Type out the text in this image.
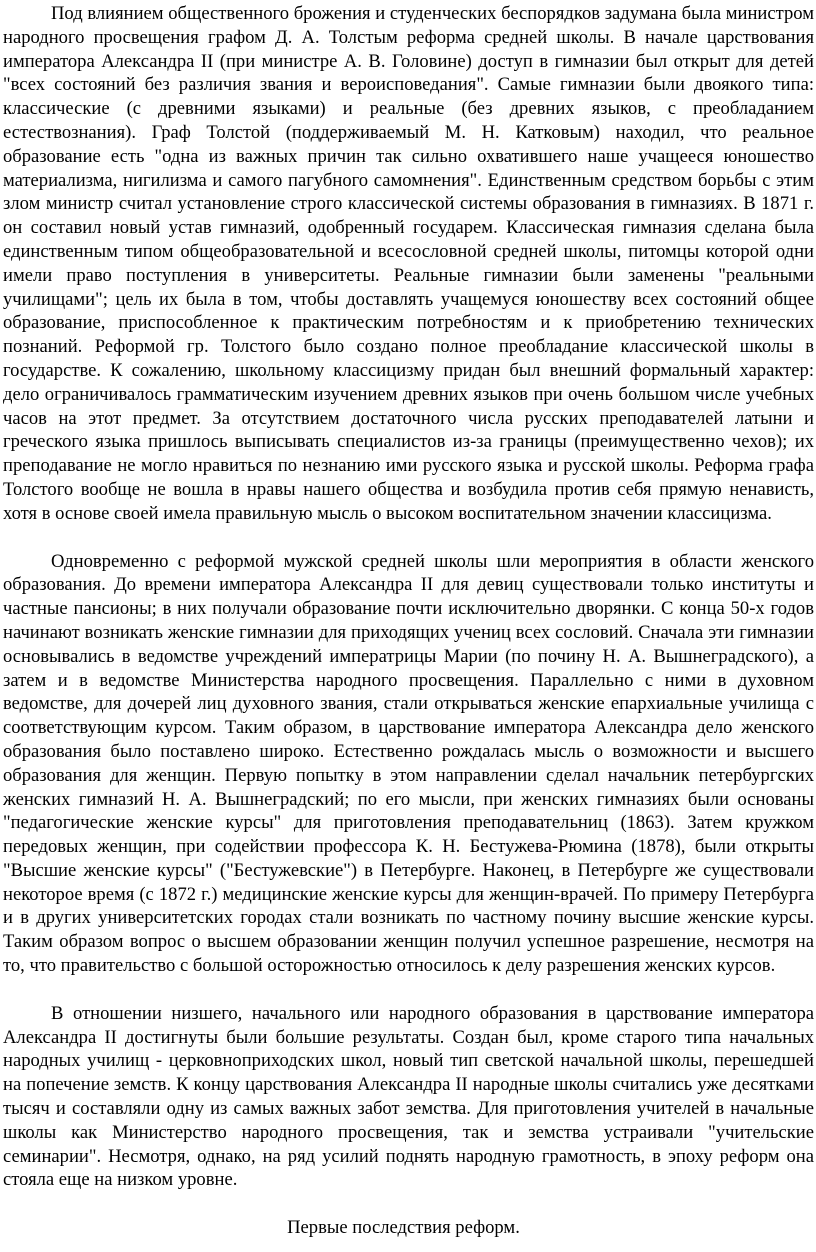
Под влиянием общественного брожения и студенческих беспорядков задумана была министром народного просвещения графом Д. А. Толстым реформа средней школы. В начале царствования императора Александра II (при министре А. В. Головине) доступ в гимназии был открыт для детей "всех состояний без различия звания и вероисповедания". Самые гимназии были двоякого типа: классические (с древними языками) и реальные (без древних языков, с преобладанием естествознания). Граф Толстой (поддерживаемый М. Н. Катковым) находил, что реальное образование есть "одна из важных причин так сильно охватившего наше учащееся юношество материализма, нигилизма и самого пагубного самомнения". Единственным средством борьбы с этим злом министр считал установление строго классической системы образования в гимназиях. В 1871 г. он составил новый устав гимназий, одобренный государем. Классическая гимназия сделана была единственным типом общеобразовательной и всесословной средней школы, питомцы которой одни имели право поступления в университеты. Реальные гимназии были заменены "реальными училищами"; цель их была в том, чтобы доставлять учащемуся юношеству всех состояний общее образование, приспособленное к практическим потребностям и к приобретению технических познаний. Реформой гр. Толстого было создано полное преобладание классической школы в государстве. К сожалению, школьному классицизму придан был внешний формальный характер: дело ограничивалось грамматическим изучением древних языков при очень большом числе учебных часов на этот предмет. За отсутствием достаточного числа русских преподавателей латыни и греческого языка пришлось выписывать специалистов из-за границы (преимущественно чехов); их преподавание не могло нравиться по незнанию ими русского языка и русской школы. Реформа графа Толстого вообще не вошла в нравы нашего общества и возбудила против себя прямую ненависть, хотя в основе своей имела правильную мысль о высоком воспитательном значении классицизма.

Одновременно с реформой мужской средней школы шли мероприятия в области женского образования. До времени императора Александра II для девиц существовали только институты и частные пансионы; в них получали образование почти исключительно дворянки. С конца 50-х годов начинают возникать женские гимназии для приходящих учениц всех сословий. Сначала эти гимназии основывались в ведомстве учреждений императрицы Марии (по почину Н. А. Вышнеградского), а затем и в ведомстве Министерства народного просвещения. Параллельно с ними в духовном ведомстве, для дочерей лиц духовного звания, стали открываться женские епархиальные училища с соответствующим курсом. Таким образом, в царствование императора Александра дело женского образования было поставлено широко. Естественно рождалась мысль о возможности и высшего образования для женщин. Первую попытку в этом направлении сделал начальник петербургских женских гимназий Н. А. Вышнеградский; по его мысли, при женских гимназиях были основаны "педагогические женские курсы" для приготовления преподавательниц (1863). Затем кружком передовых женщин, при содействии профессора К. Н. Бестужева-Рюмина (1878), были открыты "Высшие женские курсы" ("Бестужевские") в Петербурге. Наконец, в Петербурге же существовали некоторое время (с 1872 г.) медицинские женские курсы для женщин-врачей. По примеру Петербурга и в других университетских городах стали возникать по частному почину высшие женские курсы. Таким образом вопрос о высшем образовании женщин получил успешное разрешение, несмотря на то, что правительство с большой осторожностью относилось к делу разрешения женских курсов.

В отношении низшего, начального или народного образования в царствование императора Александра II достигнуты были большие результаты. Создан был, кроме старого типа начальных народных училищ - церковноприходских школ, новый тип светской начальной школы, перешедшей на попечение земств. К концу царствования Александра II народные школы считались уже десятками тысяч и составляли одну из самых важных забот земства. Для приготовления учителей в начальные школы как Министерство народного просвещения, так и земства устраивали "учительские семинарии". Несмотря, однако, на ряд усилий поднять народную грамотность, в эпоху реформ она стояла еще на низком уровне.

Первые последствия реформ.
